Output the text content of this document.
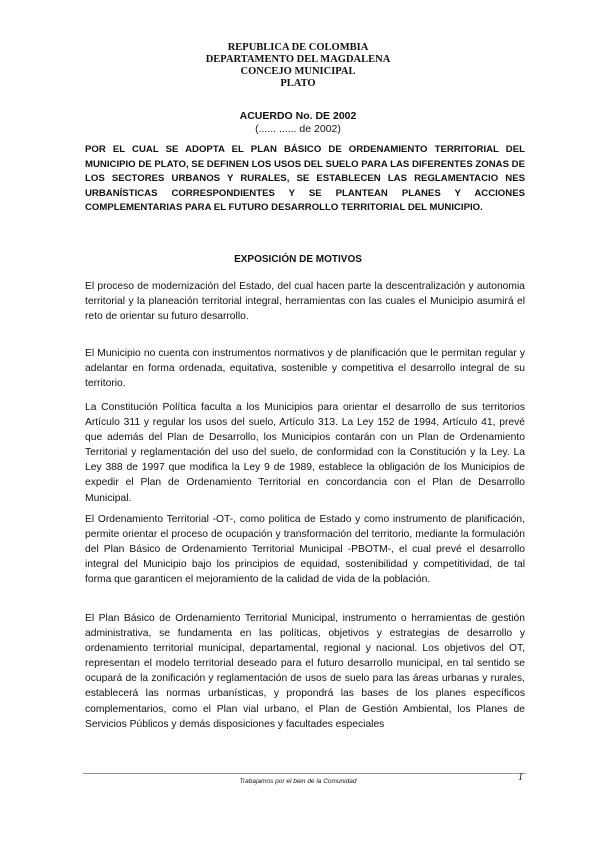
REPUBLICA DE COLOMBIA
DEPARTAMENTO DEL MAGDALENA
CONCEJO MUNICIPAL
PLATO
ACUERDO No. DE 2002
(...... ...... de 2002)
POR EL CUAL SE ADOPTA EL PLAN BÁSICO DE ORDENAMIENTO TERRITORIAL DEL MUNICIPIO DE PLATO, SE DEFINEN LOS USOS DEL SUELO PARA LAS DIFERENTES ZONAS DE LOS SECTORES URBANOS Y RURALES, SE ESTABLECEN LAS REGLAMENTACIO NES URBANÍSTICAS CORRESPONDIENTES Y SE PLANTEAN PLANES Y ACCIONES COMPLEMENTARIAS PARA EL FUTURO DESARROLLO TERRITORIAL DEL MUNICIPIO.
EXPOSICIÓN DE MOTIVOS
El proceso de modernización del Estado, del cual hacen parte la descentralización y autonomia territorial y la planeación territorial integral, herramientas con las cuales el Municipio asumirá el reto de orientar su futuro desarrollo.
El Municipio no cuenta con instrumentos normativos y de planificación que le permitan regular y adelantar en forma ordenada, equitativa, sostenible y competitiva el desarrollo integral de su territorio.
La Constitución Política faculta a los Municipios para orientar el desarrollo de sus territorios Artículo 311 y regular los usos del suelo, Artículo 313. La Ley 152 de 1994, Artículo 41, prevé que además del Plan de Desarrollo, los Municipios contarán con un Plan de Ordenamiento Territorial y reglamentación del uso del suelo, de conformidad con la Constitución y la Ley. La Ley 388 de 1997 que modifica la Ley 9 de 1989, establece la obligación de los Municipios de expedir el Plan de Ordenamiento Territorial en concordancia con el Plan de Desarrollo Municipal.
El Ordenamiento Territorial -OT-, como politica de Estado y como instrumento de planificación, permite orientar el proceso de ocupación y transformación del territorio, mediante la formulación del Plan Básico de Ordenamiento Territorial Municipal -PBOTM-, el cual prevé el desarrollo integral del Municipio bajo los principios de equidad, sostenibilidad y competitividad, de tal forma que garanticen el mejoramiento de la calidad de vida de la población.
El Plan Básico de Ordenamiento Territorial Municipal, instrumento o herramientas de gestión administrativa, se fundamenta en las políticas, objetivos y estrategias de desarrollo y ordenamiento territorial municipal, departamental, regional y nacional. Los objetivos del OT, representan el modelo territorial deseado para el futuro desarrollo municipal, en tal sentido se ocupará de la zonificación y reglamentación de usos de suelo para las áreas urbanas y rurales, establecerá las normas urbanísticas, y propondrá las bases de los planes específicos complementarios, como el Plan vial urbano, el Plan de Gestión Ambiental, los Planes de Servicios Públicos y demás disposiciones y facultades especiales
Trabajamos por el bien de la Comunidad	1
